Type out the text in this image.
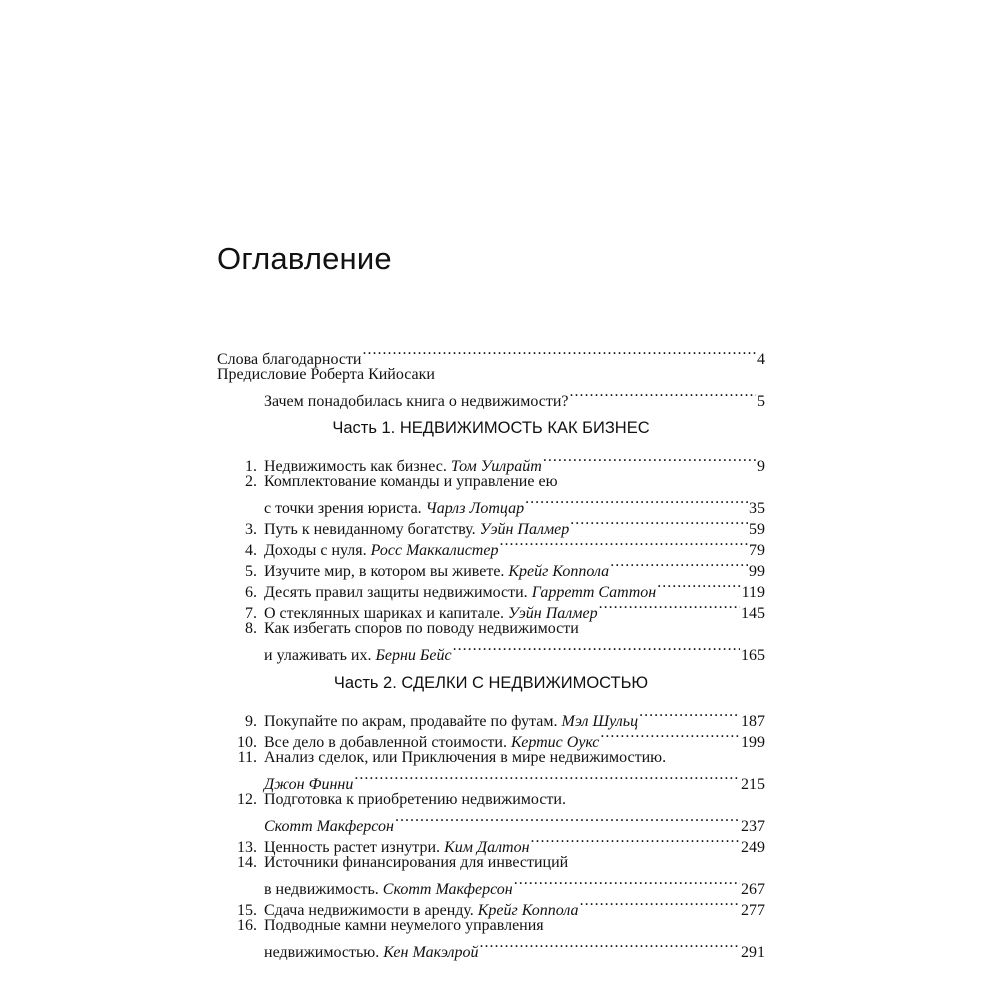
Оглавление
Слова благодарности .....	4
Предисловие Роберта Кийосаки
Зачем понадобилась книга о недвижимости? .....	5
Часть 1. НЕДВИЖИМОСТЬ КАК БИЗНЕС
1. Недвижимость как бизнес. Том Уилрайт .....	9
2. Комплектование команды и управление ею
с точки зрения юриста. Чарлз Лотцар .....	35
3. Путь к невиданному богатству. Уэйн Палмер .....	59
4. Доходы с нуля. Росс Маккалистер .....	79
5. Изучите мир, в котором вы живете. Крейг Коппола .....	99
6. Десять правил защиты недвижимости. Гарретт Саттон .....	119
7. О стеклянных шариках и капитале. Уэйн Палмер .....	145
8. Как избегать споров по поводу недвижимости
и улаживать их. Берни Бейс .....	165
Часть 2. СДЕЛКИ С НЕДВИЖИМОСТЬЮ
9. Покупайте по акрам, продавайте по футам. Мэл Шульц .....	187
10. Все дело в добавленной стоимости. Кертис Оукс .....	199
11. Анализ сделок, или Приключения в мире недвижимостию.
Джон Финни .....	215
12. Подготовка к приобретению недвижимости.
Скотт Макферсон .....	237
13. Ценность растет изнутри. Ким Далтон .....	249
14. Источники финансирования для инвестиций
в недвижимость. Скотт Макферсон .....	267
15. Сдача недвижимости в аренду. Крейг Коппола .....	277
16. Подводные камни неумелого управления
недвижимостью. Кен Макэлрой .....	291
